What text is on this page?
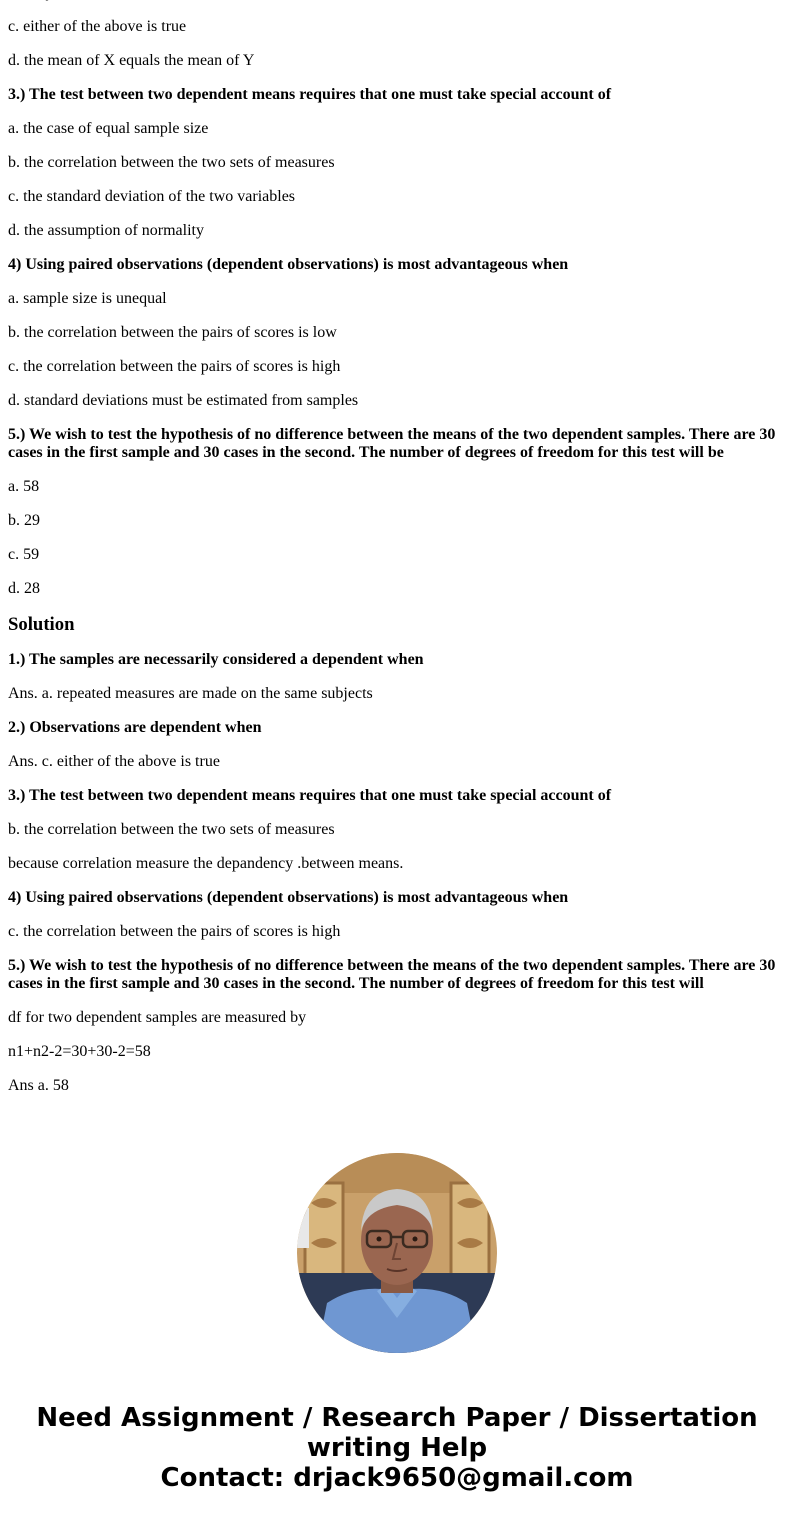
c. either of the above is true

d. the mean of X equals the mean of Y

3.) The test between two dependent means requires that one must take special account of

a. the case of equal sample size

b. the correlation between the two sets of measures

c. the standard deviation of the two variables

d. the assumption of normality

4) Using paired observations (dependent observations) is most advantageous when

a. sample size is unequal

b. the correlation between the pairs of scores is low

c. the correlation between the pairs of scores is high

d. standard deviations must be estimated from samples

5.) We wish to test the hypothesis of no difference between the means of the two dependent samples. There are 30 cases in the first sample and 30 cases in the second. The number of degrees of freedom for this test will be

a. 58

b. 29

c. 59

d. 28

Solution

1.) The samples are necessarily considered a dependent when

Ans. a. repeated measures are made on the same subjects

2.) Observations are dependent when

Ans. c. either of the above is true

3.) The test between two dependent means requires that one must take special account of

b. the correlation between the two sets of measures

because correlation measure the depandency .between means.

4) Using paired observations (dependent observations) is most advantageous when

c. the correlation between the pairs of scores is high

5.) We wish to test the hypothesis of no difference between the means of the two dependent samples. There are 30 cases in the first sample and 30 cases in the second. The number of degrees of freedom for this test will

df for two dependent samples are measured by

n1+n2-2=30+30-2=58

Ans a. 58

Need Assignment / Research Paper / Dissertation
writing Help
Contact: drjack9650@gmail.com
